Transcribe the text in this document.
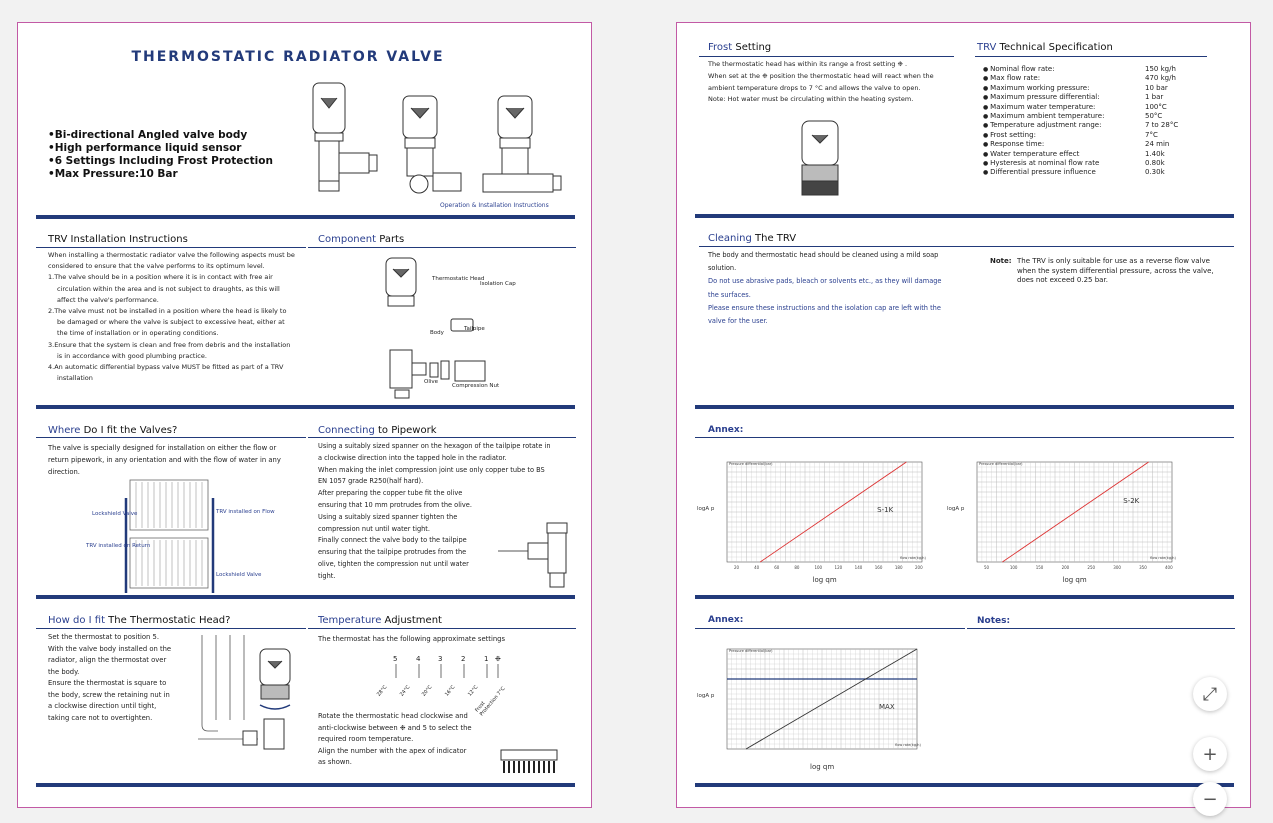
THERMOSTATIC RADIATOR VALVE
• Bi-directional Angled valve body
• High performance liquid sensor
• 6 Settings Including Frost Protection
• Max Pressure:10 Bar
Operation & Installation Instructions
TRV Installation Instructions

When installing a thermostatic radiator valve the following aspects must be

considered to ensure that the valve performs to its optimum level.

1.The valve should be in a position where it is in contact with free air

circulation within the area and is not subject to draughts, as this will

affect the valve's performance.

2.The valve must not be installed in a position where the head is likely to

be damaged or where the valve is subject to excessive heat, either at

the time of installation or in operating conditions.

3.Ensure that the system is clean and free from debris and the installation

is in accordance with good plumbing practice.

4.An automatic differential bypass valve MUST be fitted as part of a TRV

installation

Component Parts
Thermostatic Head
Isolation Cap
Tailpipe
Body
Olive
Compression Nut
Where Do I fit the Valves?
The valve is specially designed for installation on either the flow or return pipework, in any orientation and with the flow of water in any direction.
Lockshield Valve	TRV installed on Flow
TRV installed on Return
Lockshield Valve
Connecting to Pipework

Using a suitably sized spanner on the hexagon of the tailpipe rotate in

a clockwise direction into the tapped hole in the radiator.

When making the inlet compression joint use only copper tube to BS

EN 1057 grade R250(half hard).

After preparing the copper tube fit the olive

ensuring that 10 mm protrudes from the olive.

Using a suitably sized spanner tighten the

compression nut until water tight.

Finally connect the valve body to the tailpipe

ensuring that the tailpipe protrudes from the

olive, tighten the compression nut until water

tight.

How do I fit The Thermostatic Head?

Set the thermostat to position 5.

With the valve body installed on the

radiator, align the thermostat over

the body.

Ensure the thermostat is square to

the body, screw the retaining nut in

a clockwise direction until tight,

taking care not to overtighten.

Temperature Adjustment
The thermostat has the following approximate settings
5	4	3	2	1 ❉
28°C 24°C 20°C 16°C 12°C
Frost Protection 7°C

Rotate the thermostatic head clockwise and

anti-clockwise between ❉ and 5 to select the

required room temperature.

Align the number with the apex of indicator

as shown.

Frost Setting

The thermostatic head has within its range a frost setting ❉ .

When set at the ❉ position the thermostatic head will react when the

ambient temperature drops to 7 °C and allows the valve to open.

Note: Hot water must be circulating within the heating system.

TRV Technical Specification
● Nominal flow rate:	150 kg/h
● Max flow rate:	470 kg/h
● Maximum working pressure:	10 bar
● Maximum pressure differential:	1 bar
● Maximum water temperature:	100°C
● Maximum ambient temperature:	50°C
● Temperature adjustment range:	7 to 28°C
● Frost setting:	7°C
● Response time:	24 min
● Water temperature effect	1.40k
● Hysteresis at nominal flow rate	0.80k
● Differential pressure influence	0.30k
Cleaning The TRV

The body and thermostatic head should be cleaned using a mild soap

solution.

Do not use abrasive pads, bleach or solvents etc., as they will damage

the surfaces.

Please ensure these instructions and the isolation cap are left with the

valve for the user.

Note: The TRV is only suitable for use as a reverse flow valve

when the system differential pressure, across the valve,

does not exceed 0.25 bar.

Annex:
Pressure differential(bar)
logA p
log qm
flow rate(kg/h)
20	40	60	80	100	120	140	160	180	200
S-1K
Pressure differential(bar)
logA p
log qm
flow rate(kg/h)
50	100	150	200	250	300	350	400
S-2K
Annex:	Notes:
Pressure differential(bar)
logA p
log qm
flow rate(kg/h)
MAX
⤢
+
−
